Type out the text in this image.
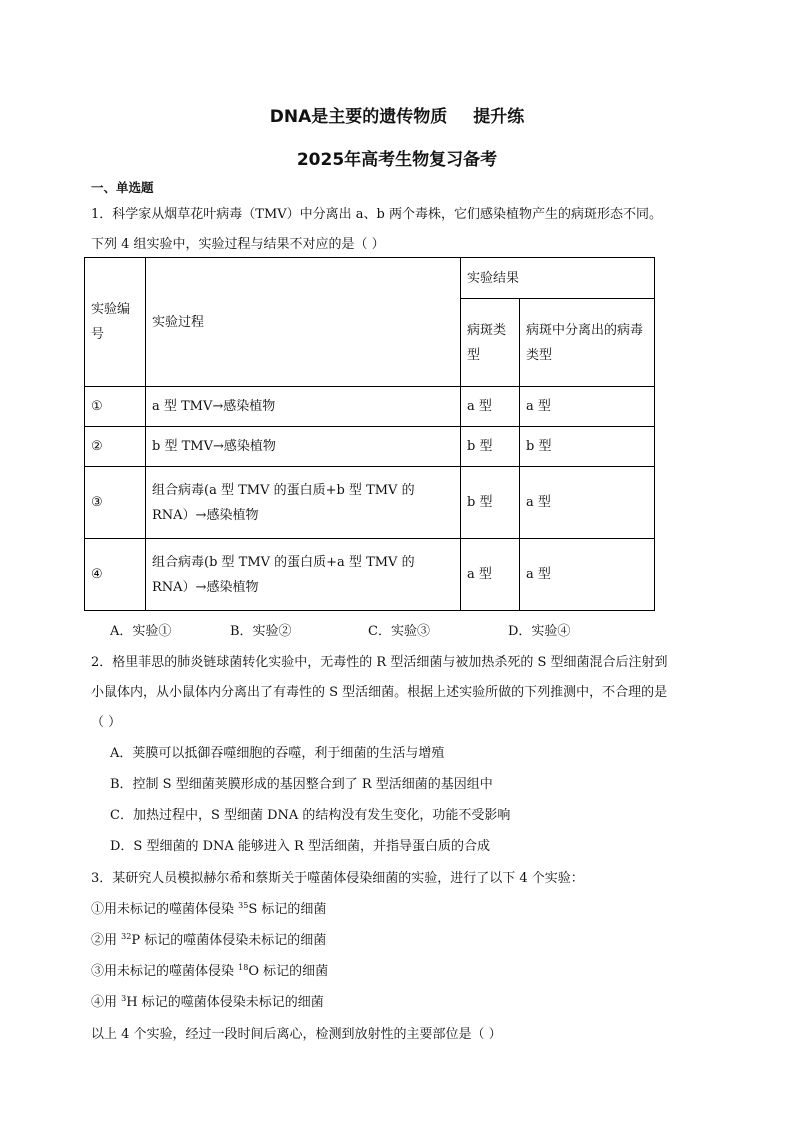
DNA是主要的遗传物质 提升练
2025年高考生物复习备考
一、单选题
1．科学家从烟草花叶病毒（TMV）中分离出 a、b 两个毒株，它们感染植物产生的病斑形态不同。
下列 4 组实验中，实验过程与结果不对应的是（ ）
实验编号	实验过程	实验结果	
		病斑类型	病斑中分离出的病毒类型
①	a 型 TMV→感染植物	a 型	a 型
②	b 型 TMV→感染植物	b 型	b 型
③	组合病毒(a 型 TMV 的蛋白质+b 型 TMV 的 RNA）→感染植物	b 型	a 型
④	组合病毒(b 型 TMV 的蛋白质+a 型 TMV 的 RNA）→感染植物	a 型	a 型
A．实验①	B．实验②	C．实验③	D．实验④
2．格里菲思的肺炎链球菌转化实验中，无毒性的 R 型活细菌与被加热杀死的 S 型细菌混合后注射到
小鼠体内，从小鼠体内分离出了有毒性的 S 型活细菌。根据上述实验所做的下列推测中，不合理的是
（ ）
A．荚膜可以抵御吞噬细胞的吞噬，利于细菌的生活与增殖
B．控制 S 型细菌荚膜形成的基因整合到了 R 型活细菌的基因组中
C．加热过程中，S 型细菌 DNA 的结构没有发生变化，功能不受影响
D．S 型细菌的 DNA 能够进入 R 型活细菌，并指导蛋白质的合成
3．某研究人员模拟赫尔希和蔡斯关于噬菌体侵染细菌的实验，进行了以下 4 个实验：
①用未标记的噬菌体侵染 $^{35}$S 标记的细菌
②用 $^{32}$P 标记的噬菌体侵染未标记的细菌
③用未标记的噬菌体侵染 $^{18}$O 标记的细菌
④用 $^3$H 标记的噬菌体侵染未标记的细菌
以上 4 个实验，经过一段时间后离心，检测到放射性的主要部位是（ ）
